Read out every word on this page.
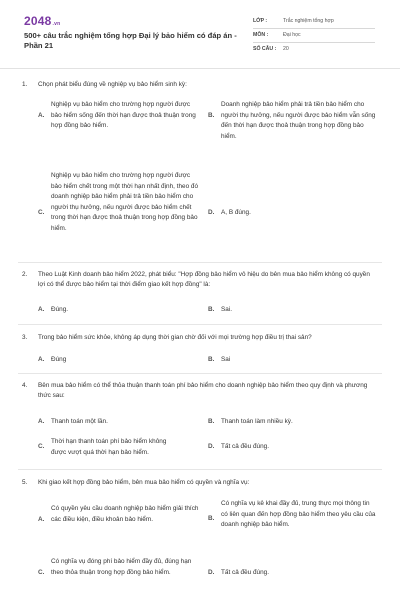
2048.vn
500+ câu trắc nghiệm tổng hợp Đại lý bảo hiểm có đáp án - Phần 21
LỚP :	Trắc nghiệm tổng hợp
MÔN :	Đại học
SỐ CÂU : 20
1. Chọn phát biểu đúng về nghiệp vụ bảo hiểm sinh kỳ:
A.
Nghiệp vụ bảo hiểm cho trường hợp người được bảo hiểm sống đến thời hạn được thoả thuận trong hợp đồng bảo hiểm.
B.
Doanh nghiệp bảo hiểm phải trả tiền bảo hiểm cho người thụ hưởng, nếu người được bảo hiểm vẫn sống đến thời hạn được thoả thuận trong hợp đồng bảo hiểm.
C.
Nghiệp vụ bảo hiểm cho trường hợp người được bảo hiểm chết trong một thời hạn nhất định, theo đó doanh nghiệp bảo hiểm phải trả tiền bảo hiểm cho người thụ hưởng, nếu người được bảo hiểm chết trong thời hạn được thoả thuận trong hợp đồng bảo hiểm.
D. A, B đúng.
2. Theo Luật Kinh doanh bảo hiểm 2022, phát biểu: "Hợp đồng bảo hiểm vô hiệu do bên mua bảo hiểm không có quyền lợi có thể được bảo hiểm tại thời điểm giao kết hợp đồng" là:
A. Đúng.	B. Sai.
3. Trong bảo hiểm sức khỏe, không áp dụng thời gian chờ đối với mọi trường hợp điều trị thai sản?
A. Đúng	B. Sai
4. Bên mua bảo hiểm có thể thỏa thuận thanh toán phí bảo hiểm cho doanh nghiệp bảo hiểm theo quy định và phương thức sau:
A. Thanh toán một lần.	B. Thanh toán làm nhiều kỳ.
C.
Thời hạn thanh toán phí bảo hiểm không được vượt quá thời hạn bảo hiểm.
D. Tất cả đều đúng.
5. Khi giao kết hợp đồng bảo hiểm, bên mua bảo hiểm có quyền và nghĩa vụ:
A.
Có quyền yêu cầu doanh nghiệp bảo hiểm giải thích các điều kiện, điều khoản bảo hiểm.	B.
Có nghĩa vụ kê khai đầy đủ, trung thực mọi thông tin có liên quan đến hợp đồng bảo hiểm theo yêu cầu của doanh nghiệp bảo hiểm.
C.
Có nghĩa vụ đóng phí bảo hiểm đầy đủ, đúng hạn theo thỏa thuận trong hợp đồng bảo hiểm.	D. Tất cả đều đúng.
